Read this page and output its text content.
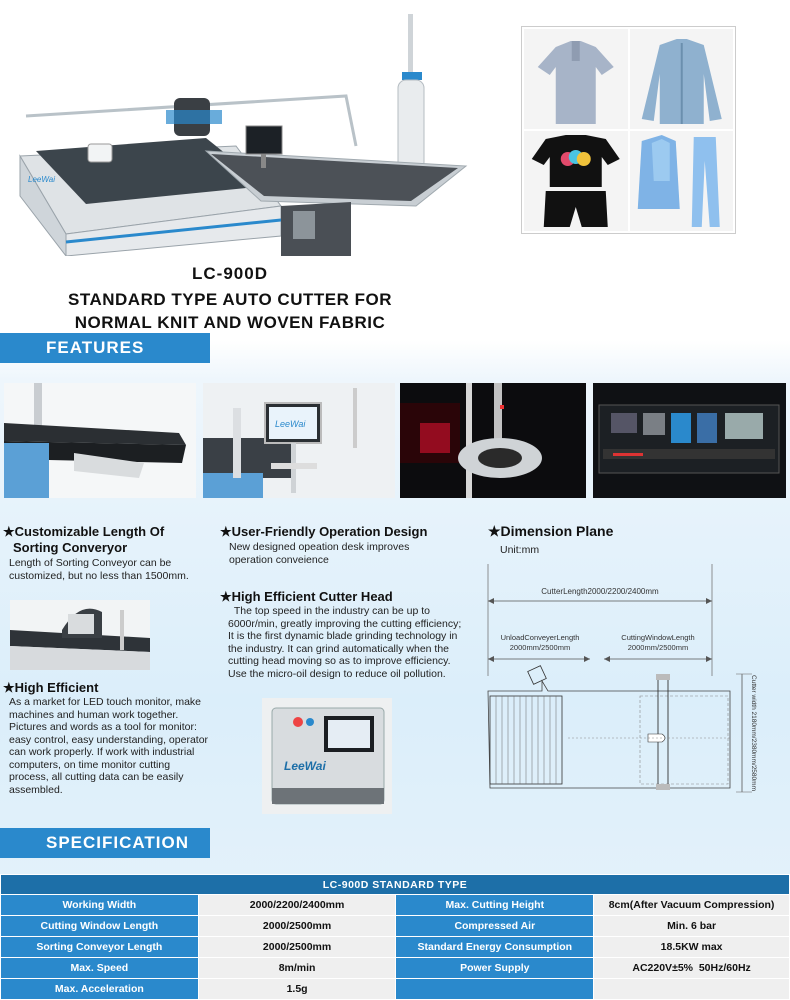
LeeWai
LC-900D
STANDARD TYPE AUTO CUTTER FOR
NORMAL KNIT AND WOVEN FABRIC
FEATURES
LeeWai
★Customizable Length Of
Sorting Converyor
Length of Sorting Conveyor can be customized, but no less than 1500mm.
★High Efficient
As a market for LED touch monitor, make machines and human work together. Pictures and words as a tool for monitor: easy control, easy understanding, operator can work properly. If work with industrial computers, on time monitor cutting process, all cutting data can be easily assembled.
★User-Friendly Operation Design
New designed opeation desk improves operation conveience
★High Efficient Cutter Head
The top speed in the industry can be up to 6000r/min, greatly improving the cutting efficiency; It is the first dynamic blade grinding technology in the industry. It can grind automatically when the cutting head moving so as to improve efficiency. Use the micro-oil design to reduce oil pollution.
LeeWai
★Dimension Plane
Unit:mm
CutterLength2000/2200/2400mm
UnloadConveyerLength
2000mm/2500mm
CuttingWindowLength
2000mm/2500mm
Cutter width 2180mm/2380mm/2580mm
SPECIFICATION
LC-900D STANDARD TYPE			
Working Width	2000/2200/2400mm	Max. Cutting Height	8cm(After Vacuum Compression)
Cutting Window Length	2000/2500mm	Compressed Air	Min. 6 bar
Sorting Conveyor Length	2000/2500mm	Standard Energy Consumption	18.5KW max
Max. Speed	8m/min	Power Supply	AC220V±5%  50Hz/60Hz
Max. Acceleration	1.5g		
